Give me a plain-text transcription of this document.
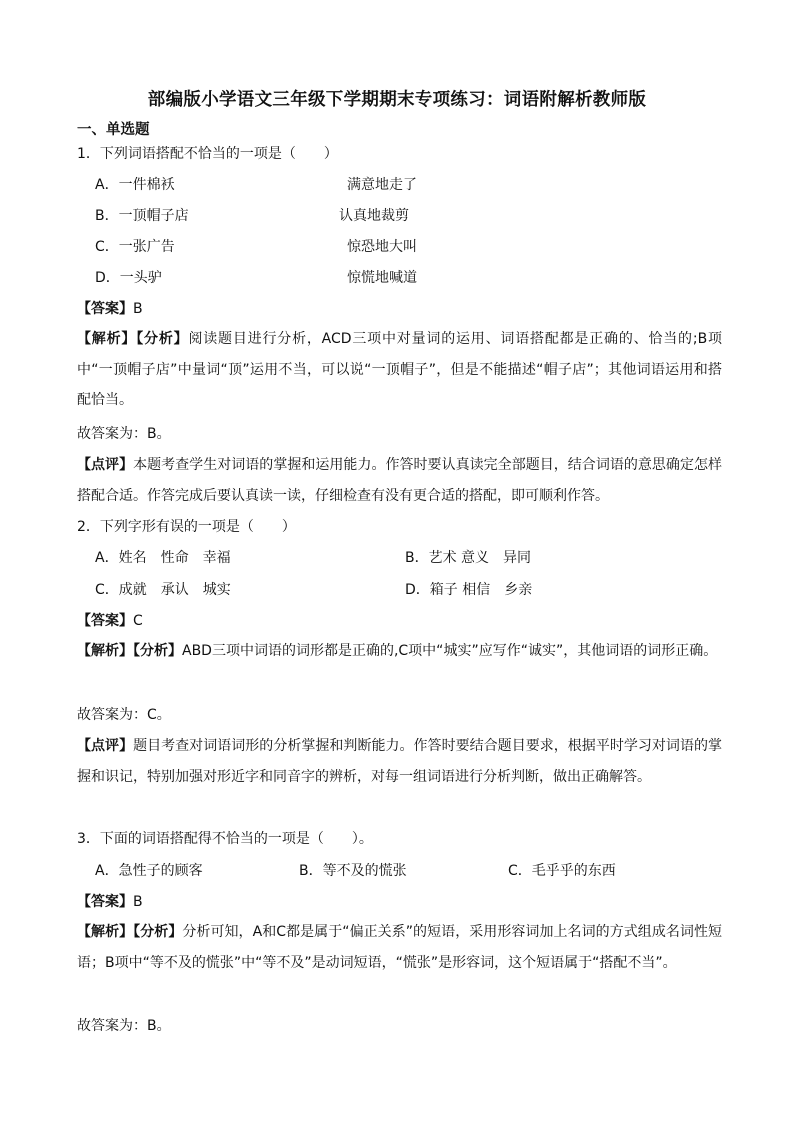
部编版小学语文三年级下学期期末专项练习：词语附解析教师版
一、单选题
1．下列词语搭配不恰当的一项是（　　）
A．一件棉袄	满意地走了
B．一顶帽子店	认真地裁剪
C．一张广告	惊恐地大叫
D．一头驴	惊慌地喊道
【答案】B
【解析】【分析】阅读题目进行分析，ACD三项中对量词的运用、词语搭配都是正确的、恰当的;B项中“一顶帽子店”中量词“顶”运用不当，可以说“一顶帽子”，但是不能描述“帽子店”；其他词语运用和搭配恰当。
故答案为：B。
【点评】本题考查学生对词语的掌握和运用能力。作答时要认真读完全部题目，结合词语的意思确定怎样搭配合适。作答完成后要认真读一读，仔细检查有没有更合适的搭配，即可顺利作答。
2．下列字形有误的一项是（　　）
A．姓名　性命　幸福	B．艺术 意义　异同
C．成就　承认　城实	D．箱子 相信　乡亲
【答案】C
【解析】【分析】ABD三项中词语的词形都是正确的,C项中“城实”应写作“诚实”，其他词语的词形正确。
故答案为：C。
【点评】题目考查对词语词形的分析掌握和判断能力。作答时要结合题目要求，根据平时学习对词语的掌握和识记，特别加强对形近字和同音字的辨析，对每一组词语进行分析判断，做出正确解答。
3．下面的词语搭配得不恰当的一项是（　　）。
A．急性子的顾客	B．等不及的慌张	C．毛乎乎的东西
【答案】B
【解析】【分析】分析可知，A和C都是属于“偏正关系”的短语，采用形容词加上名词的方式组成名词性短语；B项中“等不及的慌张”中“等不及”是动词短语，“慌张”是形容词，这个短语属于“搭配不当”。
故答案为：B。
